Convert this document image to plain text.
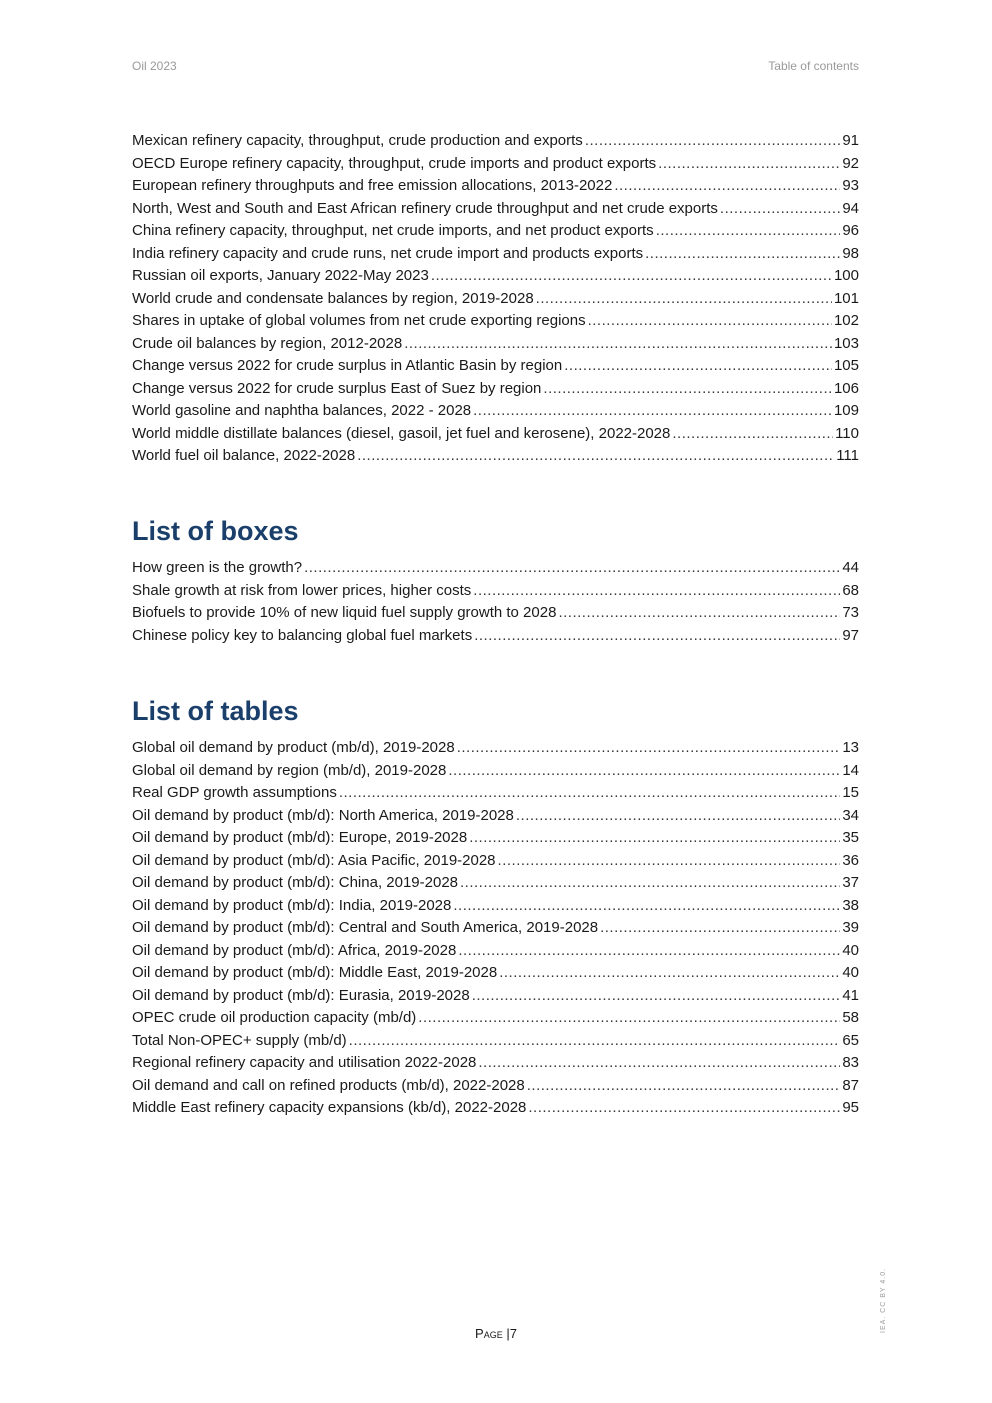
Oil 2023	Table of contents
Mexican refinery capacity, throughput, crude production and exports .....	91
OECD Europe refinery capacity, throughput, crude imports and product exports .....	92
European refinery throughputs and free emission allocations, 2013-2022 .....	93
North, West and South and East African refinery crude throughput and net crude exports .....	94
China refinery capacity, throughput, net crude imports, and net product exports .....	96
India refinery capacity and crude runs, net crude import and products exports .....	98
Russian oil exports, January 2022-May 2023 .....	100
World crude and condensate balances by region, 2019-2028 .....	101
Shares in uptake of global volumes from net crude exporting regions .....	102
Crude oil balances by region, 2012-2028 .....	103
Change versus 2022 for crude surplus in Atlantic Basin by region .....	105
Change versus 2022 for crude surplus East of Suez by region .....	106
World gasoline and naphtha balances, 2022 - 2028 .....	109
World middle distillate balances (diesel, gasoil, jet fuel and kerosene), 2022-2028 .....	110
World fuel oil balance, 2022-2028 .....	111
List of boxes
How green is the growth? .....	44
Shale growth at risk from lower prices, higher costs .....	68
Biofuels to provide 10% of new liquid fuel supply growth to 2028 .....	73
Chinese policy key to balancing global fuel markets .....	97
List of tables
Global oil demand by product (mb/d), 2019-2028 .....	13
Global oil demand by region (mb/d), 2019-2028 .....	14
Real GDP growth assumptions .....	15
Oil demand by product (mb/d): North America, 2019-2028 .....	34
Oil demand by product (mb/d): Europe, 2019-2028 .....	35
Oil demand by product (mb/d): Asia Pacific, 2019-2028 .....	36
Oil demand by product (mb/d): China, 2019-2028 .....	37
Oil demand by product (mb/d): India, 2019-2028 .....	38
Oil demand by product (mb/d): Central and South America, 2019-2028 .....	39
Oil demand by product (mb/d): Africa, 2019-2028 .....	40
Oil demand by product (mb/d): Middle East, 2019-2028 .....	40
Oil demand by product (mb/d): Eurasia, 2019-2028 .....	41
OPEC crude oil production capacity (mb/d) .....	58
Total Non-OPEC+ supply (mb/d) .....	65
Regional refinery capacity and utilisation 2022-2028 .....	83
Oil demand and call on refined products (mb/d), 2022-2028 .....	87
Middle East refinery capacity expansions (kb/d), 2022-2028 .....	95
Page |7
IEA. CC BY 4.0.
